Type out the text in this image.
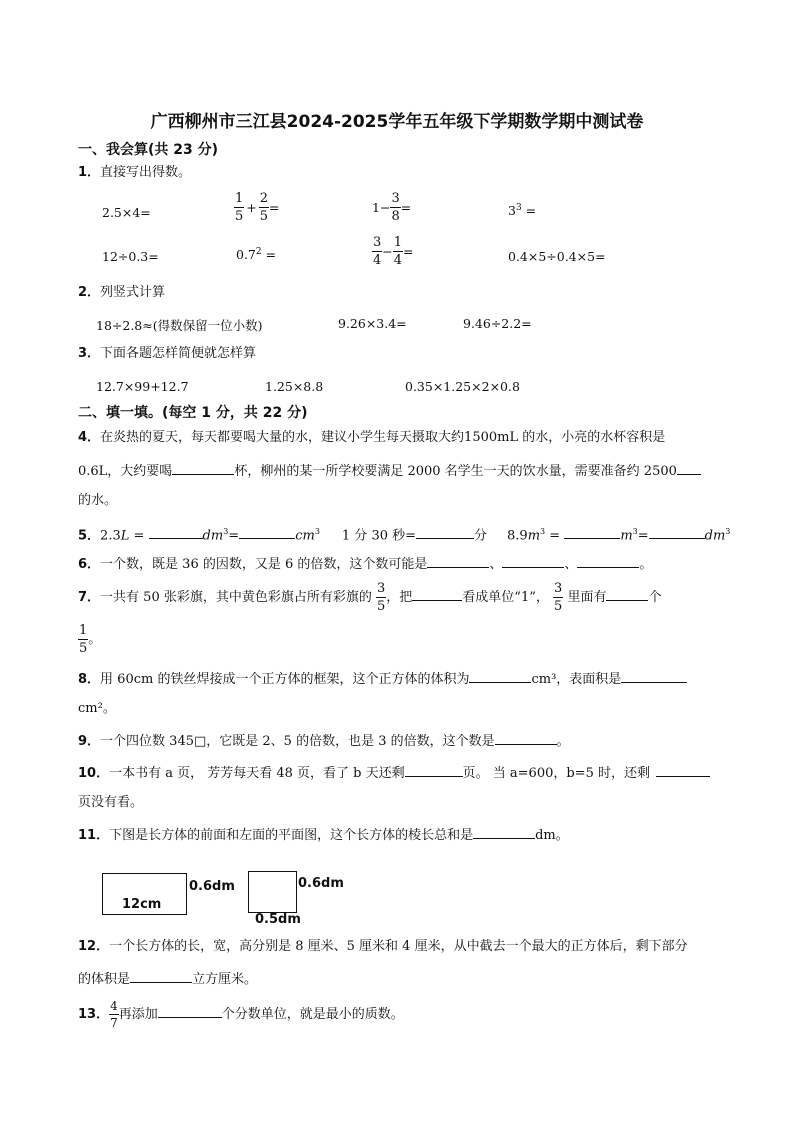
广西柳州市三江县2024-2025学年五年级下学期数学期中测试卷
一、我会算(共 23 分)
1．直接写出得数。
2.5×4=	$\frac{1}{5} + \frac{2}{5}$ =	$1- \frac{3}{8}$ =	$3^3$ =
12÷0.3=	$0.7^2$ =	$\frac{3}{4} - \frac{1}{4}$ =	0.4×5÷0.4×5=
2．列竖式计算
18÷2.8≈(得数保留一位小数)	9.26×3.4=	9.46÷2.2=
3．下面各题怎样简便就怎样算
12.7×99+12.7	1.25×8.8	0.35×1.25×2×0.8
二、填一填。(每空 1 分，共 22 分)
4．在炎热的夏天，每天都要喝大量的水，建议小学生每天摄取大约1500mL 的水，小亮的水杯容积是
0.6L，大约要喝	杯，柳州的某一所学校要满足 2000 名学生一天的饮水量，需要准备约 2500
的水。
5．2.3L =	$dm^3=$	$cm^3$ 1 分 30 秒=	分 $8.9m^3$ =	$m^3=$	$dm^3$
6．一个数，既是 36 的因数，又是 6 的倍数，这个数可能是	、	、	。
7．一共有 50 张彩旗，其中黄色彩旗占所有彩旗的 $\frac{3}{5}$ ，把	看成单位“1”， $\frac{3}{5}$ 里面有	个
$\frac{1}{5}$ 。
8．用 60cm 的铁丝焊接成一个正方体的框架，这个正方体的体积为	cm³，表面积是
cm²。
9．一个四位数 345□，它既是 2、5 的倍数，也是 3 的倍数，这个数是	。
10．一本书有 a 页， 芳芳每天看 48 页，看了 b 天还剩	页。 当 a=600，b=5 时，还剩
页没有看。
11．下图是长方体的前面和左面的平面图，这个长方体的棱长总和是	dm。
12cm
0.6dm	0.6dm
0.5dm
12．一个长方体的长，宽，高分别是 8 厘米、5 厘米和 4 厘米，从中截去一个最大的正方体后，剩下部分
的体积是	立方厘米。
13． $\frac{4}{7}$ 再添加	个分数单位，就是最小的质数。
